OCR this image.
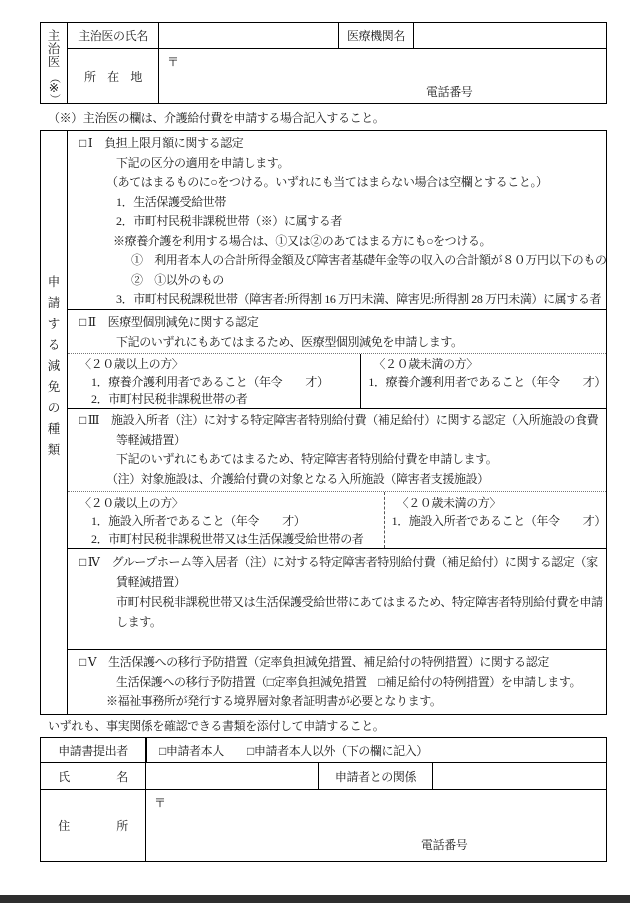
主
治
医
（
※
）
主治医の氏名	医療機関名
所　在　地
〒
電話番号
（※）主治医の欄は、介護給付費を申請する場合記入すること。
申
請
す
る
減
免
の
種
類
□ Ⅰ 負担上限月額に関する認定
下記の区分の適用を申請します。
（あてはまるものに○をつける。いずれにも当てはまらない場合は空欄とすること。）
1．生活保護受給世帯
2．市町村民税非課税世帯（※）に属する者
※療養介護を利用する場合は、①又は②のあてはまる方にも○をつける。
①　利用者本人の合計所得金額及び障害者基礎年金等の収入の合計額が８０万円以下のもの
②　①以外のもの
3．市町村民税課税世帯（障害者:所得割 16 万円未満、障害児:所得割 28 万円未満）に属する者
□ Ⅱ 医療型個別減免に関する認定
下記のいずれにもあてはまるため、医療型個別減免を申請します。
〈２０歳以上の方〉
1．療養介護利用者であること（年令　　才）
2．市町村民税非課税世帯の者
〈２０歳未満の方〉
1．療養介護利用者であること（年令　　才）
□ Ⅲ 施設入所者（注）に対する特定障害者特別給付費（補足給付）に関する認定（入所施設の食費
等軽減措置）
下記のいずれにもあてはまるため、特定障害者特別給付費を申請します。
（注）対象施設は、介護給付費の対象となる入所施設（障害者支援施設）
〈２０歳以上の方〉
1．施設入所者であること（年令　　才）
2．市町村民税非課税世帯又は生活保護受給世帯の者
〈２０歳未満の方〉
1．施設入所者であること（年令　　才）
□ Ⅳ グループホーム等入居者（注）に対する特定障害者特別給付費（補足給付）に関する認定（家
賃軽減措置）
市町村民税非課税世帯又は生活保護受給世帯にあてはまるため、特定障害者特別給付費を申請
します。
□ Ⅴ 生活保護への移行予防措置（定率負担減免措置、補足給付の特例措置）に関する認定
生活保護への移行予防措置（□定率負担減免措置　□補足給付の特例措置）を申請します。
※福祉事務所が発行する境界層対象者証明書が必要となります。
いずれも、事実関係を確認できる書類を添付して申請すること。
申請書提出者	□申請者本人　　□申請者本人以外（下の欄に記入）
氏　　　　名	申請者との関係
住　　　　所
〒
電話番号
